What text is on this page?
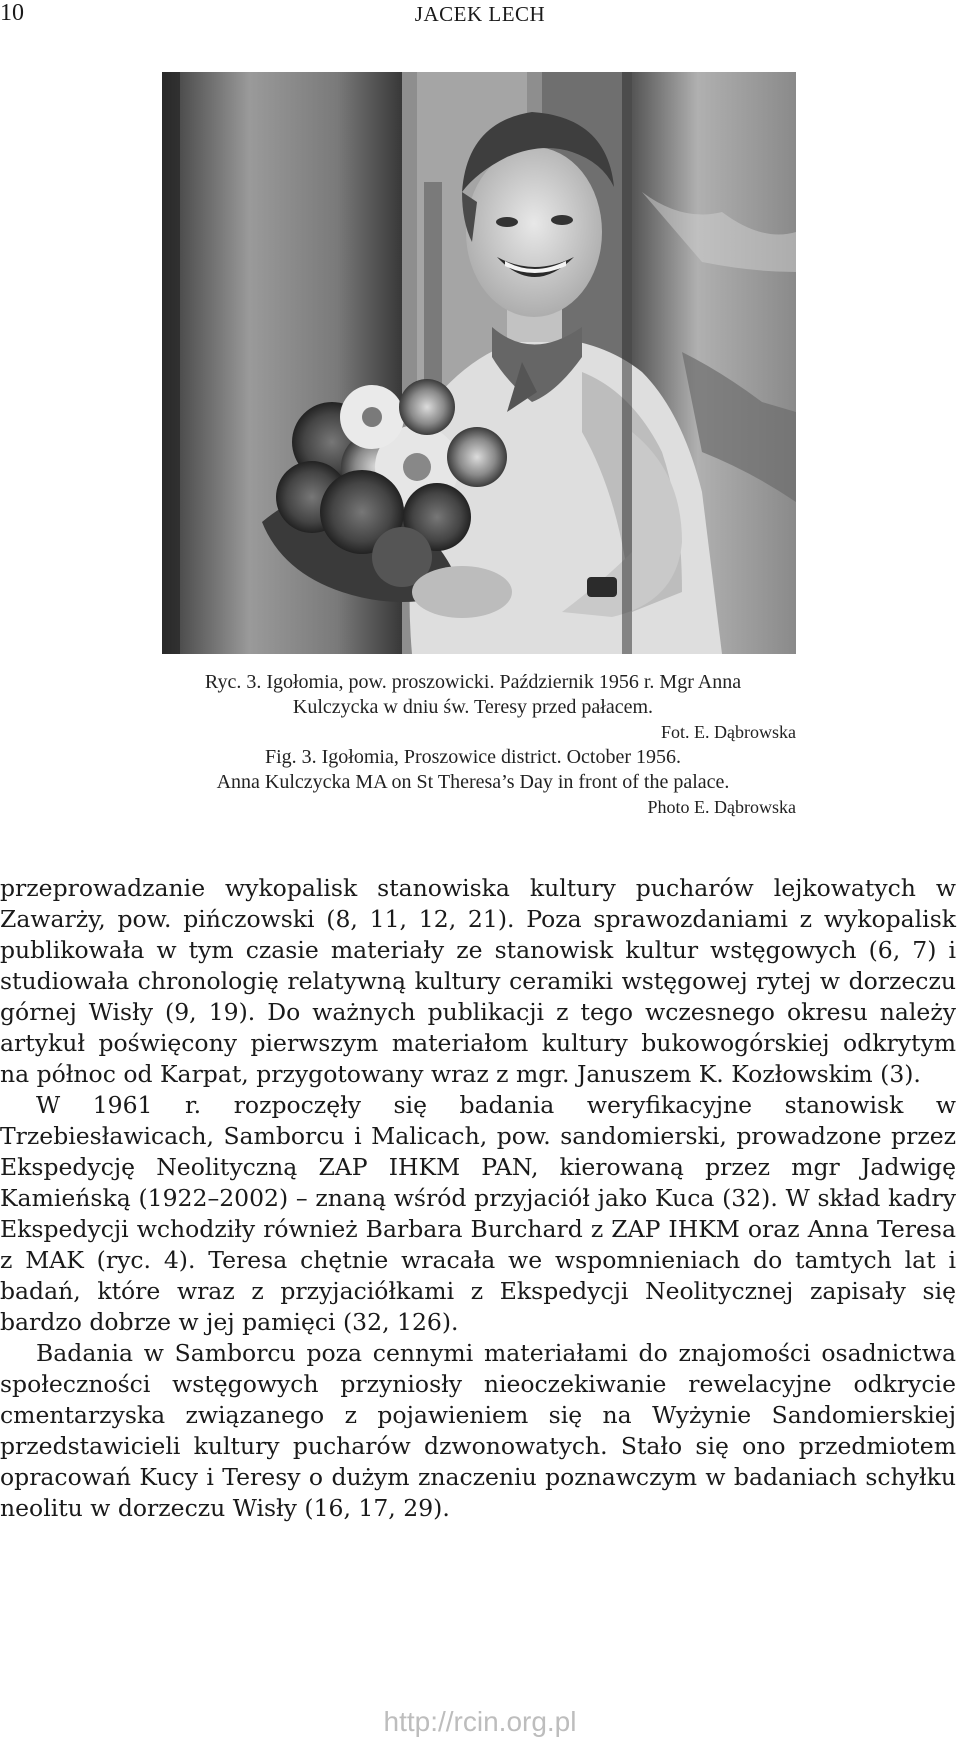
10	JACEK LECH
Ryc. 3. Igołomia, pow. proszowicki. Październik 1956 r. Mgr Anna
Kulczycka w dniu św. Teresy przed pałacem.
Fot. E. Dąbrowska
Fig. 3. Igołomia, Proszowice district. October 1956.
Anna Kulczycka MA on St Theresa’s Day in front of the palace.
Photo E. Dąbrowska

przeprowadzanie wykopalisk stanowiska kultury pucharów lejkowatych w Zawarży, pow. pińczowski (8, 11, 12, 21). Poza sprawozdaniami z wykopalisk publikowała w tym czasie materiały ze stanowisk kultur wstęgowych (6, 7) i studiowała chronologię relatywną kultury ceramiki wstęgowej rytej w dorzeczu górnej Wisły (9, 19). Do ważnych publikacji z tego wczesnego okresu należy artykuł poświęcony pierwszym materiałom kultury bukowogórskiej odkrytym na północ od Karpat, przygotowany wraz z mgr. Januszem K. Kozłowskim (3).

W 1961 r. rozpoczęły się badania weryfikacyjne stanowisk w Trzebiesławicach, Samborcu i Malicach, pow. sandomierski, prowadzone przez Ekspedycję Neolityczną ZAP IHKM PAN, kierowaną przez mgr Jadwigę Kamieńską (1922–2002) – znaną wśród przyjaciół jako Kuca (32). W skład kadry Ekspedycji wchodziły również Barbara Burchard z ZAP IHKM oraz Anna Teresa z MAK (ryc. 4). Teresa chętnie wracała we wspomnieniach do tamtych lat i badań, które wraz z przyjaciółkami z Ekspedycji Neolitycznej zapisały się bardzo dobrze w jej pamięci (32, 126).

Badania w Samborcu poza cennymi materiałami do znajomości osadnictwa społeczności wstęgowych przyniosły nieoczekiwanie rewelacyjne odkrycie cmentarzyska związanego z pojawieniem się na Wyżynie Sandomierskiej przedstawicieli kultury pucharów dzwonowatych. Stało się ono przedmiotem opracowań Kucy i Teresy o dużym znaczeniu poznawczym w badaniach schyłku neolitu w dorzeczu Wisły (16, 17, 29).

http://rcin.org.pl
